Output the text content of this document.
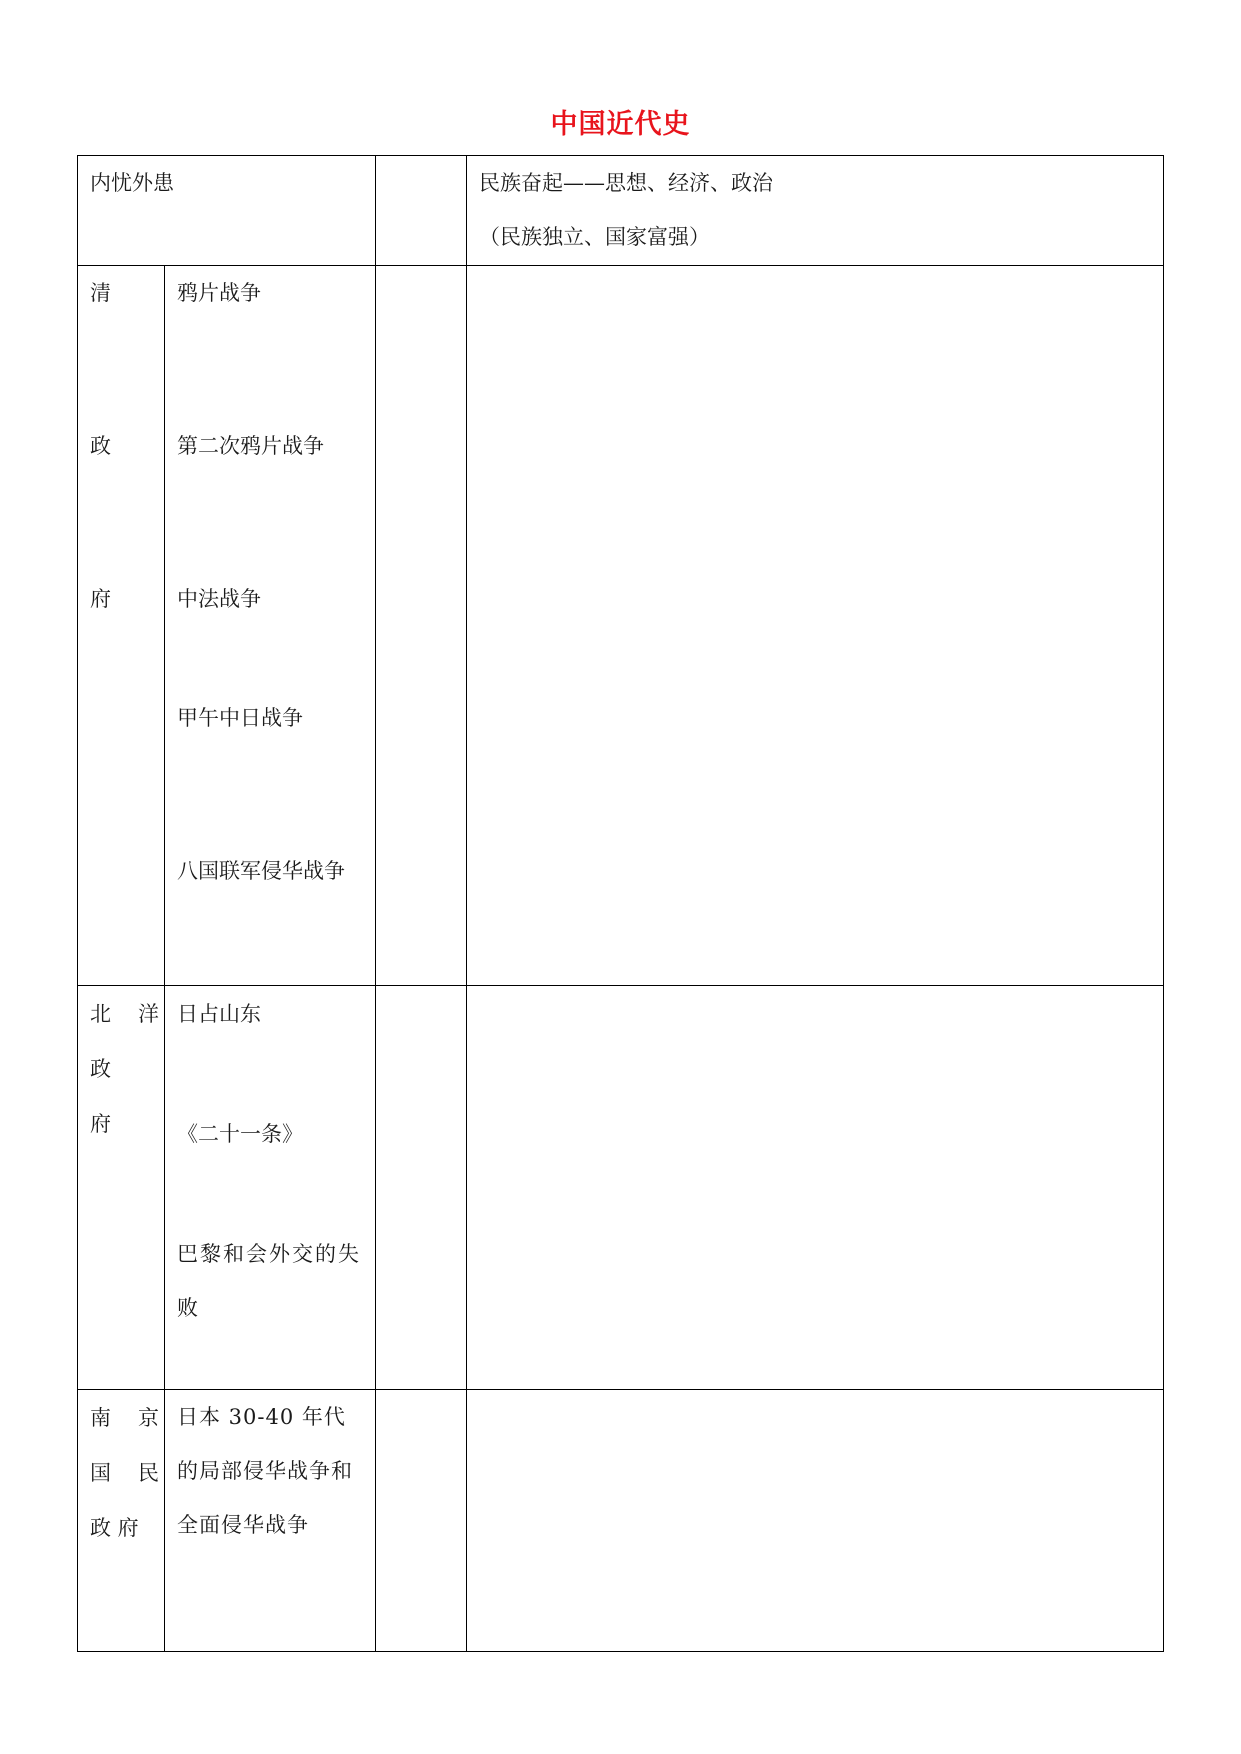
中国近代史
内忧外患	民族奋起——思想、经济、政治
（民族独立、国家富强）
清
政
府
鸦片战争
第二次鸦片战争
中法战争
甲午中日战争
八国联军侵华战争
北　洋
政
府
日占山东
《二十一条》
巴黎和会外交的失败
南　京
国　民
政 府
日本 30-40 年代的局部侵华战争和全面侵华战争
